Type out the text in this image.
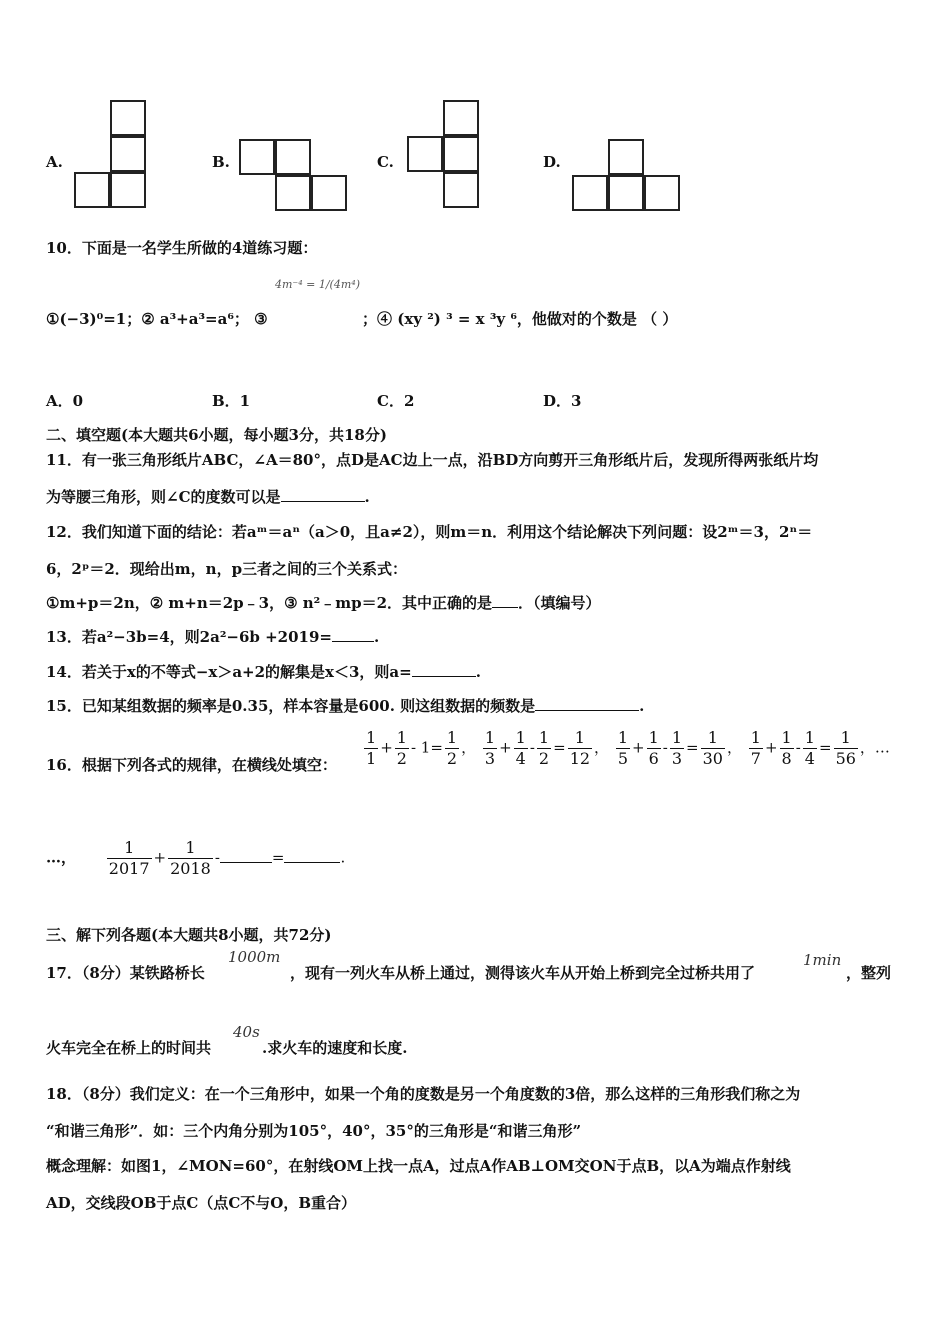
A.	B.	C.	D.
10．下面是一名学生所做的4道练习题：
4m⁻⁴ = 1/(4m⁴)
①(−3)⁰=1；② a³+a³=a⁶； ③	；④ (xy ²) ³ = x ³y ⁶，他做对的个数是 （ ）
A．0	B．1	C．2	D．3
二、填空题(本大题共6小题，每小题3分，共18分)
11．有一张三角形纸片ABC，∠A＝80°，点D是AC边上一点，沿BD方向剪开三角形纸片后，发现所得两张纸片均
为等腰三角形，则∠C的度数可以是	.
12．我们知道下面的结论：若aᵐ＝aⁿ（a＞0，且a≠2），则m＝n．利用这个结论解决下列问题：设2ᵐ＝3，2ⁿ＝
6，2ᵖ＝2．现给出m，n，p三者之间的三个关系式：
①m+p＝2n，② m+n＝2p﹣3，③ n²﹣mp＝2．其中正确的是 ．（填编号）
13．若a²−3b=4，则2a²−6b +2019=	.
14．若关于x的不等式−x＞a+2的解集是x＜3，则a=	.
15．已知某组数据的频率是0.35，样本容量是600. 则这组数据的频数是	.
16．根据下列各式的规律，在横线处填空： $\frac{1}{1} + \frac{1}{2} - 1= \frac{1}{2}$ ， $\frac{1}{3} + \frac{1}{4} - \frac{1}{2} = \frac{1}{12}$ ， $\frac{1}{5} + \frac{1}{6} - \frac{1}{3} = \frac{1}{30}$ ， $\frac{1}{7} + \frac{1}{8} - \frac{1}{4} = \frac{1}{56}$ ，…
…， $\frac{1}{2017} + \frac{1}{2018}$ -	=	.
三、解下列各题(本大题共8小题，共72分)
17．（8分）某铁路桥长
1000m
，现有一列火车从桥上通过，测得该火车从开始上桥到完全过桥共用了
1min
，整列
火车完全在桥上的时间共
40s
.求火车的速度和长度.
18．（8分）我们定义：在一个三角形中，如果一个角的度数是另一个角度数的3倍，那么这样的三角形我们称之为
“和谐三角形”．如：三个内角分别为105°，40°，35°的三角形是“和谐三角形”
概念理解：如图1，∠MON=60°，在射线OM上找一点A，过点A作AB⊥OM交ON于点B，以A为端点作射线
AD，交线段OB于点C（点C不与O，B重合）
